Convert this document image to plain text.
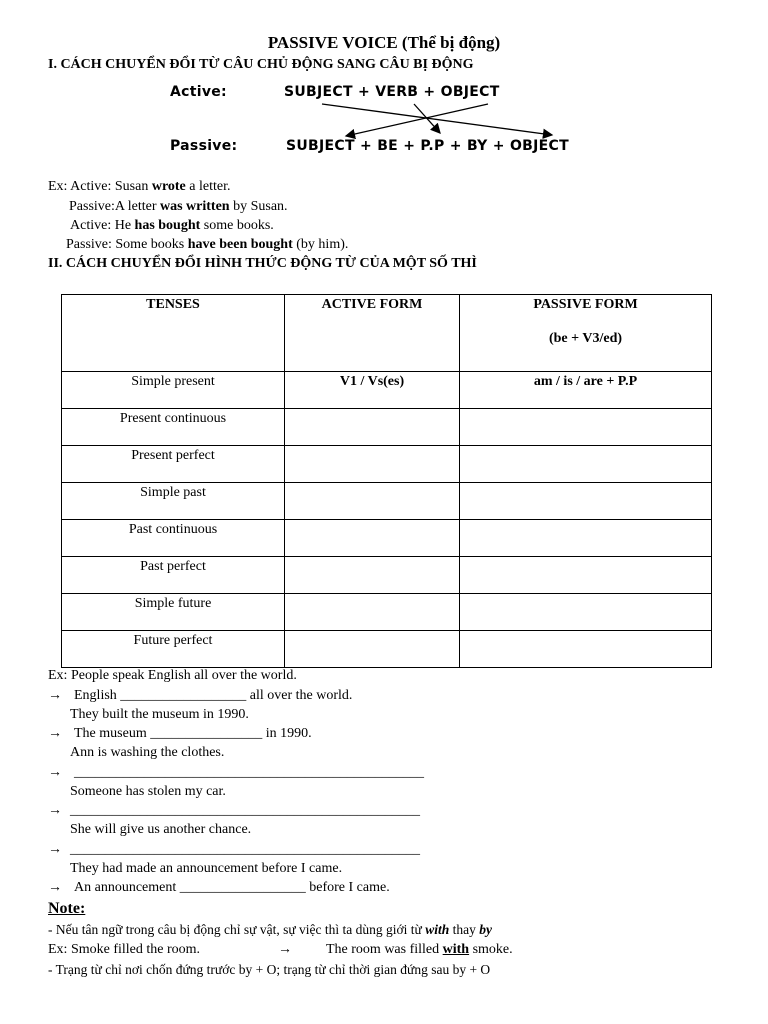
PASSIVE VOICE (Thể bị động)
I. CÁCH CHUYỂN ĐỔI TỪ CÂU CHỦ ĐỘNG SANG CÂU BỊ ĐỘNG
Active:	SUBJECT + VERB + OBJECT
Passive:	SUBJECT + BE + P.P + BY + OBJECT
Ex: Active: Susan wrote a letter.
Passive:A letter was written by Susan.
Active: He has bought some books.
Passive: Some books have been bought (by him).
II. CÁCH CHUYỂN ĐỔI HÌNH THỨC ĐỘNG TỪ CỦA MỘT SỐ THÌ
TENSES	ACTIVE FORM	PASSIVE FORM
(be + V3/ed)

Simple present	V1 / Vs(es)	am / is / are + P.P
Present continuous		
Present perfect		
Simple past		
Past continuous		
Past perfect		
Simple future		
Future perfect		
Ex: People speak English all over the world.
→ English __________________ all over the world.
They built the museum in 1990.
→ The museum ________________ in 1990.
Ann is washing the clothes.
→ __________________________________________________
Someone has stolen my car.
→ __________________________________________________
She will give us another chance.
→ __________________________________________________
They had made an announcement before I came.
→ An announcement __________________ before I came.
Note:
- Nếu tân ngữ trong câu bị động chỉ sự vật, sự việc thì ta dùng giới từ with thay by
Ex: Smoke filled the room.	→ The room was filled with smoke.
- Trạng từ chỉ nơi chốn đứng trước by + O; trạng từ chỉ thời gian đứng sau by + O
